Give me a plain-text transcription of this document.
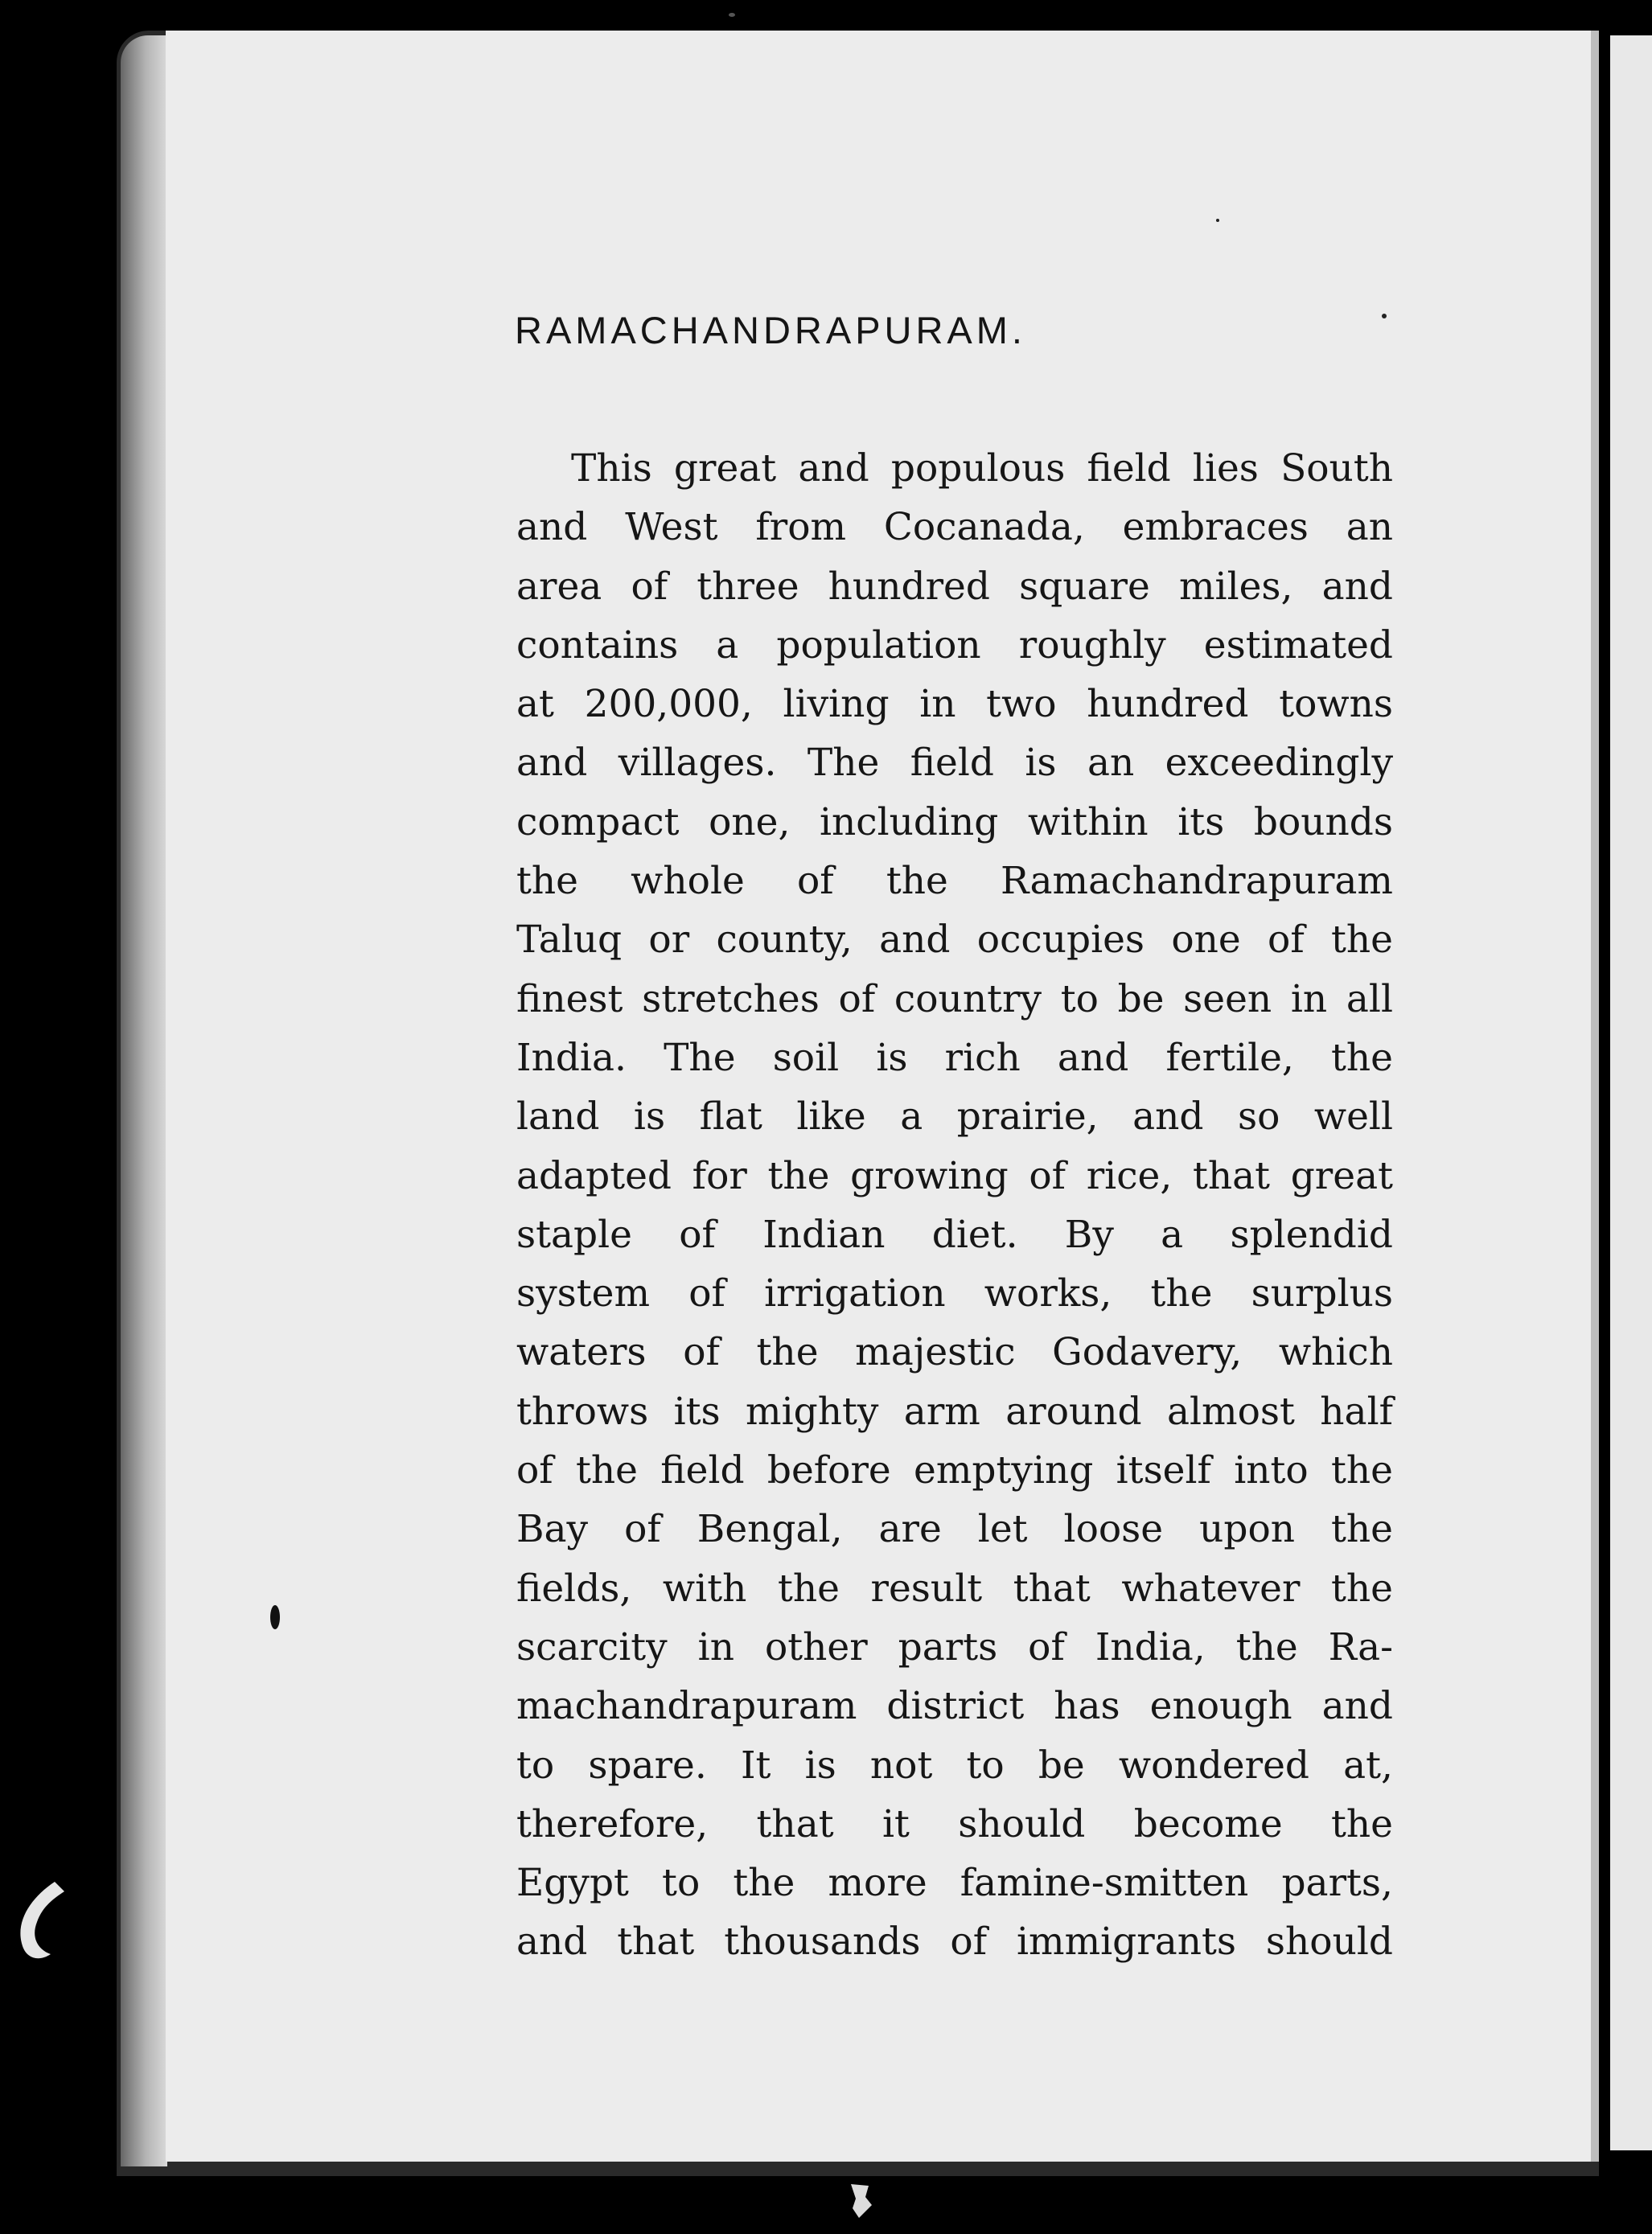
RAMACHANDRAPURAM.
This great and populous field lies South
and West from Cocanada, embraces an
area of three hundred square miles, and
contains a population roughly estimated
at 200,000, living in two hundred towns
and villages. The field is an exceedingly
compact one, including within its bounds
the whole of the Ramachandrapuram
Taluq or county, and occupies one of the
finest stretches of country to be seen in all
India. The soil is rich and fertile, the
land is flat like a prairie, and so well
adapted for the growing of rice, that great
staple of Indian diet. By a splendid
system of irrigation works, the surplus
waters of the majestic Godavery, which
throws its mighty arm around almost half
of the field before emptying itself into the
Bay of Bengal, are let loose upon the
fields, with the result that whatever the
scarcity in other parts of India, the Ra-
machandrapuram district has enough and
to spare. It is not to be wondered at,
therefore, that it should become the
Egypt to the more famine-smitten parts,
and that thousands of immigrants should
